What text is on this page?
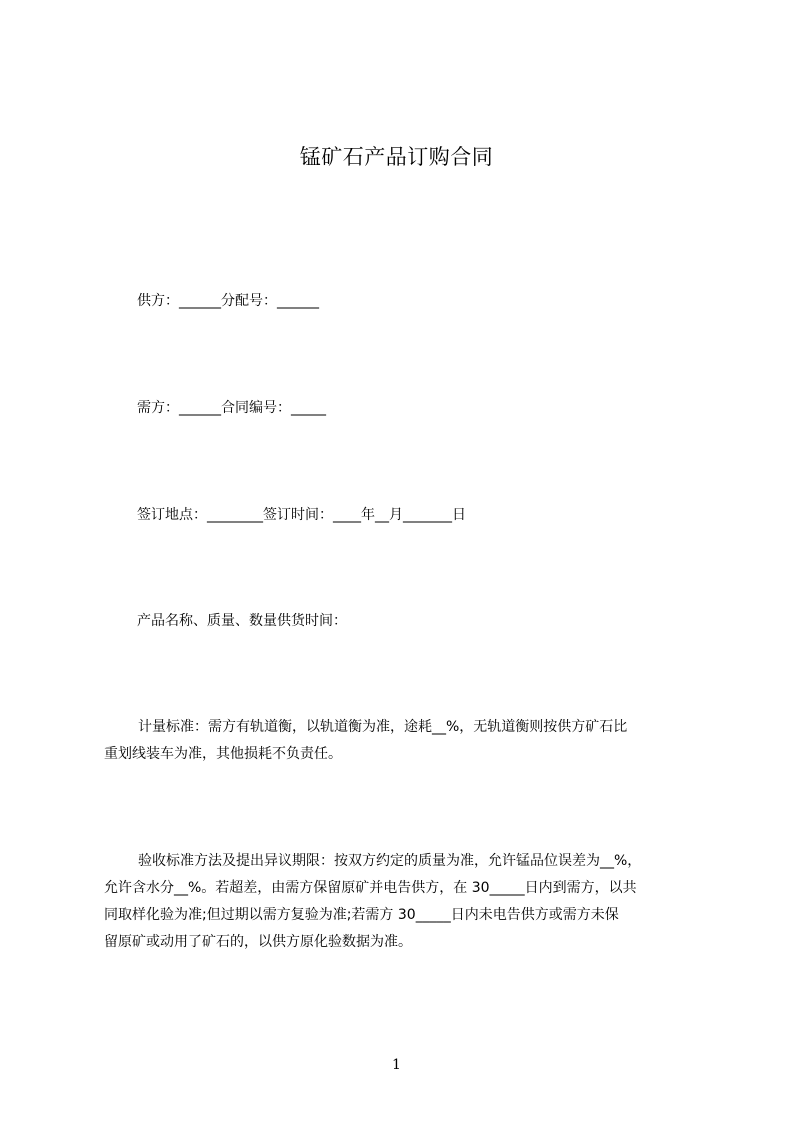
锰矿石产品订购合同
供方：______分配号：______
需方：______合同编号：_____
签订地点：________签订时间：____年__月_______日
产品名称、质量、数量供货时间：
计量标准：需方有轨道衡，以轨道衡为准，途耗__%，无轨道衡则按供方矿石比
重划线装车为准，其他损耗不负责任。
验收标准方法及提出异议期限：按双方约定的质量为准，允许锰品位误差为__%，
允许含水分__%。若超差，由需方保留原矿并电告供方，在 30_____日内到需方，以共
同取样化验为准;但过期以需方复验为准;若需方 30_____日内未电告供方或需方未保
留原矿或动用了矿石的，以供方原化验数据为准。
1
